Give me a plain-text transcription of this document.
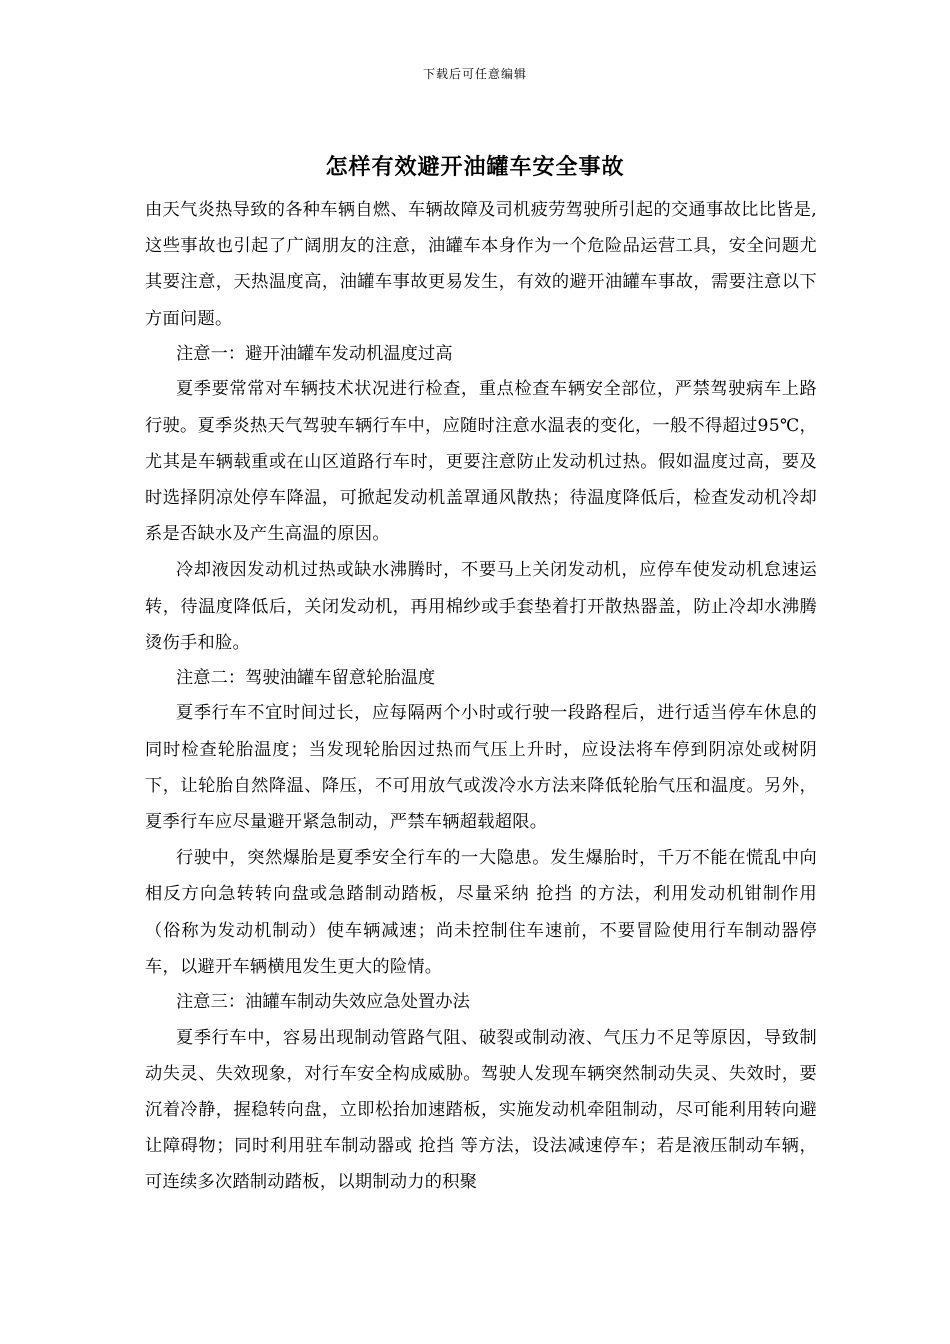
下载后可任意编辑
怎样有效避开油罐车安全事故

由天气炎热导致的各种车辆自燃、车辆故障及司机疲劳驾驶所引起的交通事故比比皆是,这些事故也引起了广阔朋友的注意，油罐车本身作为一个危险品运营工具，安全问题尤其要注意，天热温度高，油罐车事故更易发生，有效的避开油罐车事故，需要注意以下方面问题。

注意一：避开油罐车发动机温度过高

夏季要常常对车辆技术状况进行检查，重点检查车辆安全部位，严禁驾驶病车上路行驶。夏季炎热天气驾驶车辆行车中，应随时注意水温表的变化，一般不得超过95℃，尤其是车辆载重或在山区道路行车时，更要注意防止发动机过热。假如温度过高，要及时选择阴凉处停车降温，可掀起发动机盖罩通风散热；待温度降低后，检查发动机冷却系是否缺水及产生高温的原因。

冷却液因发动机过热或缺水沸腾时，不要马上关闭发动机，应停车使发动机怠速运转，待温度降低后，关闭发动机，再用棉纱或手套垫着打开散热器盖，防止冷却水沸腾烫伤手和脸。

注意二：驾驶油罐车留意轮胎温度

夏季行车不宜时间过长，应每隔两个小时或行驶一段路程后，进行适当停车休息的同时检查轮胎温度；当发现轮胎因过热而气压上升时，应设法将车停到阴凉处或树阴下，让轮胎自然降温、降压，不可用放气或泼冷水方法来降低轮胎气压和温度。另外，夏季行车应尽量避开紧急制动，严禁车辆超载超限。

行驶中，突然爆胎是夏季安全行车的一大隐患。发生爆胎时，千万不能在慌乱中向相反方向急转转向盘或急踏制动踏板，尽量采纳 抢挡 的方法，利用发动机钳制作用（俗称为发动机制动）使车辆减速；尚未控制住车速前，不要冒险使用行车制动器停车，以避开车辆横甩发生更大的险情。

注意三：油罐车制动失效应急处置办法

夏季行车中，容易出现制动管路气阻、破裂或制动液、气压力不足等原因，导致制动失灵、失效现象，对行车安全构成威胁。驾驶人发现车辆突然制动失灵、失效时，要沉着冷静，握稳转向盘，立即松抬加速踏板，实施发动机牵阻制动，尽可能利用转向避让障碍物；同时利用驻车制动器或 抢挡 等方法，设法减速停车；若是液压制动车辆，可连续多次踏制动踏板，以期制动力的积聚
